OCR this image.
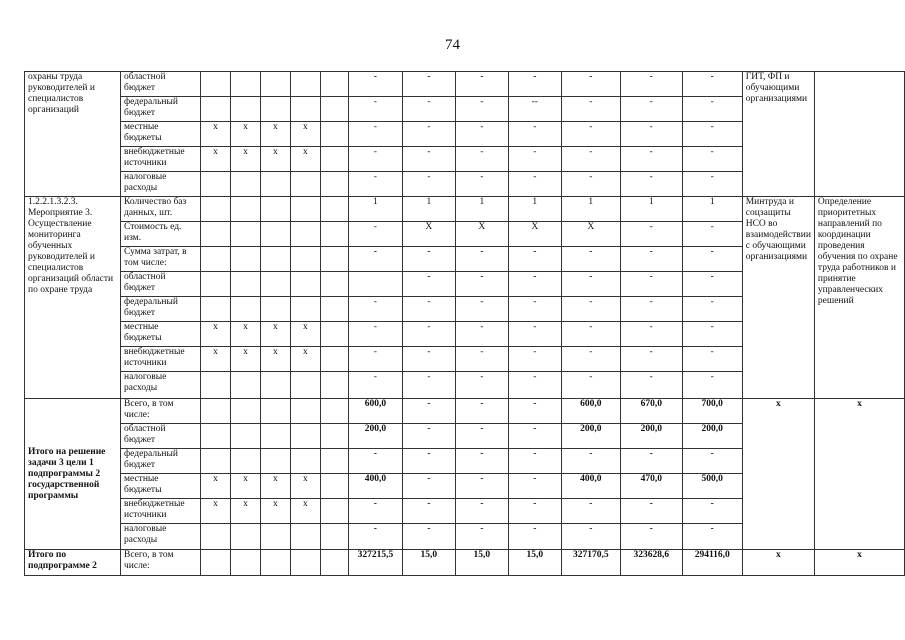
74
охраны труда руководителей и специалистов организаций	областной бюджет						-	-	-	-	-	-	-	ГИТ, ФП и обучающими организациями	
	федеральный бюджет						-	-	-	--	-	-	-		
	местные бюджеты	x	x	x	x		-	-	-	-	-	-	-		
	внебюджетные источники	x	x	x	x		-	-	-	-	-	-	-		
	налоговые расходы						-	-	-	-	-	-	-		
1.2.2.1.3.2.3. Мероприятие 3. Осуществление мониторинга обученных руководителей и специалистов организаций области по охране труда	Количество баз данных, шт.						1	1	1	1	1	1	1	Минтруда и соцзащиты НСО во взаимодействии с обучающими организациями	Определение приоритетных направлений по координации проведения обучения по охране труда работников и принятие управленческих решений
	Стоимость ед. изм.						-	X	X	X	X	-	-		
	Сумма затрат, в том числе:						-	-	-	-	-	-	-		
	областной бюджет							-	-	-	-	-	-		
	федеральный бюджет						-	-	-	-	-	-	-		
	местные бюджеты	x	x	x	x		-	-	-	-	-	-	-		
	внебюджетные источники	x	x	x	x		-	-	-	-	-	-	-		
	налоговые расходы						-	-	-	-	-	-	-		
Итого на решение задачи 3 цели 1 подпрограммы 2 государственной программы	Всего, в том числе:						600,0	-	-	-	600,0	670,0	700,0	x	x
	областной бюджет						200,0	-	-	-	200,0	200,0	200,0		
	федеральный бюджет						-	-	-	-	-	-	-		
	местные бюджеты	x	x	x	x		400,0	-	-	-	400,0	470,0	500,0		
	внебюджетные источники	x	x	x	x		-	-	-	-	-	-	-		
	налоговые расходы						-	-	-	-	-	-	-		
Итого по подпрограмме 2	Всего, в том числе:						327215,5	15,0	15,0	15,0	327170,5	323628,6	294116,0	x	x
